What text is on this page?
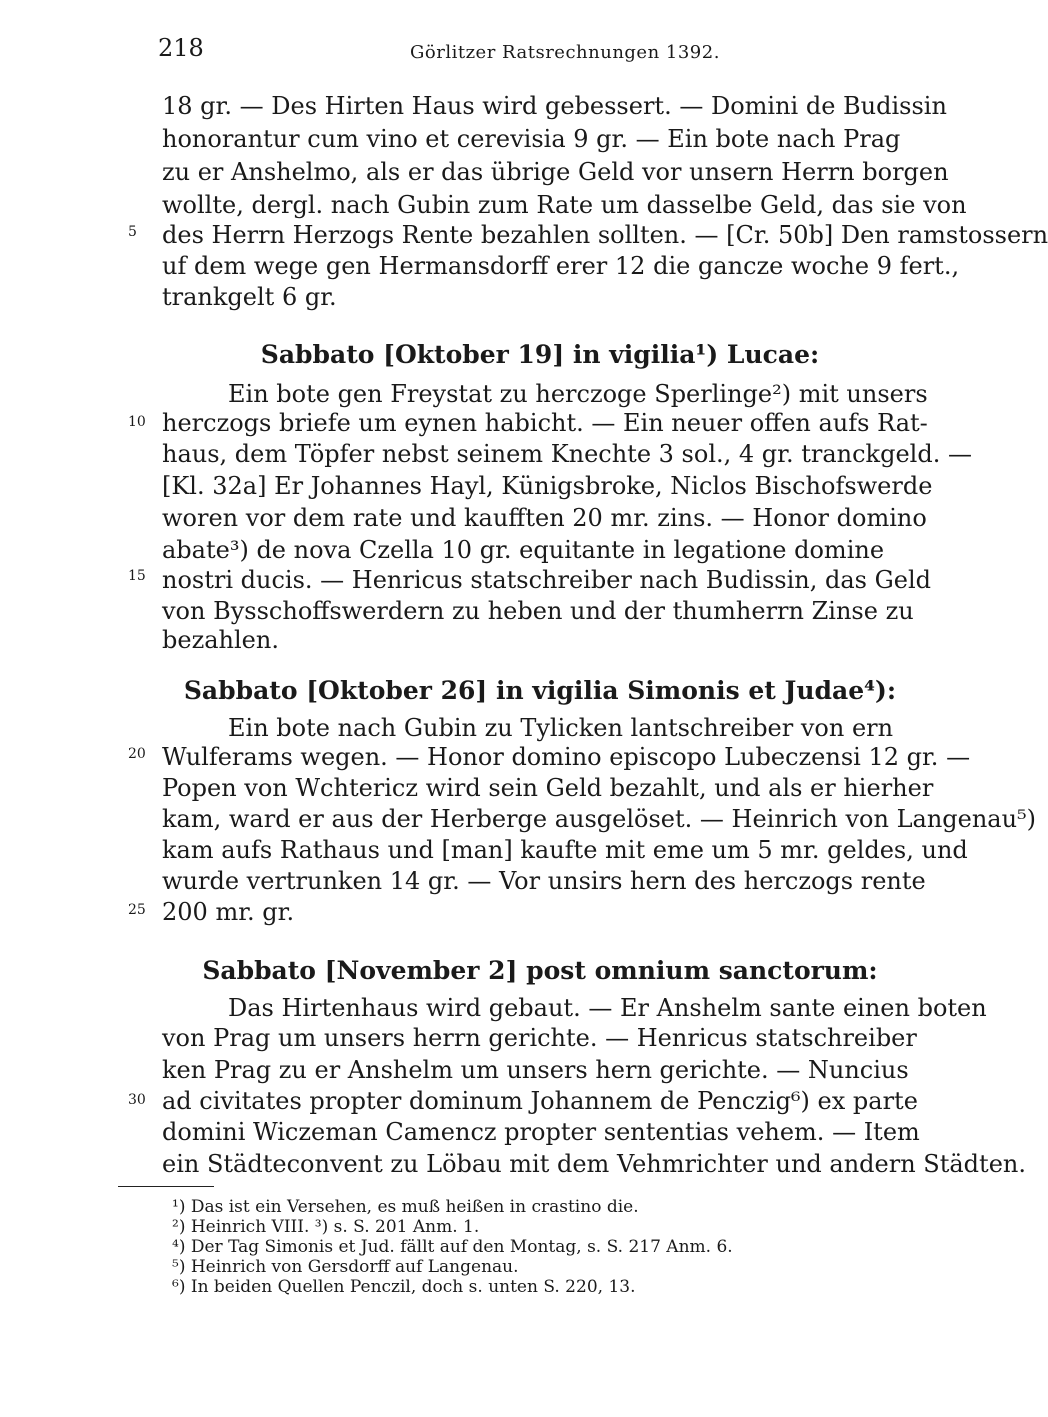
218	Görlitzer Ratsrechnungen 1392.
18 gr. — Des Hirten Haus wird gebessert. — Domini de Budissin
honorantur cum vino et cerevisia 9 gr. — Ein bote nach Prag
zu er Anshelmo, als er das übrige Geld vor unsern Herrn borgen
wollte, dergl. nach Gubin zum Rate um dasselbe Geld, das sie von
5	des Herrn Herzogs Rente bezahlen sollten. — [Cr. 50b] Den ramstossern
uf dem wege gen Hermansdorff erer 12 die gancze woche 9 fert.,
trankgelt 6 gr.
Sabbato [Oktober 19] in vigilia¹) Lucae:
Ein bote gen Freystat zu herczoge Sperlinge²) mit unsers
10 herczogs briefe um eynen habicht. — Ein neuer offen aufs Rat-
haus, dem Töpfer nebst seinem Knechte 3 sol., 4 gr. tranckgeld. —
[Kl. 32a] Er Johannes Hayl, Künigsbroke, Niclos Bischofswerde
woren vor dem rate und kaufften 20 mr. zins. — Honor domino
abate³) de nova Czella 10 gr. equitante in legatione domine
15 nostri ducis. — Henricus statschreiber nach Budissin, das Geld
von Bysschoffswerdern zu heben und der thumherrn Zinse zu
bezahlen.
Sabbato [Oktober 26] in vigilia Simonis et Judae⁴):
Ein bote nach Gubin zu Tylicken lantschreiber von ern
20 Wulferams wegen. — Honor domino episcopo Lubeczensi 12 gr. —
Popen von Wchtericz wird sein Geld bezahlt, und als er hierher
kam, ward er aus der Herberge ausgelöset. — Heinrich von Langenau⁵)
kam aufs Rathaus und [man] kaufte mit eme um 5 mr. geldes, und
wurde vertrunken 14 gr. — Vor unsirs hern des herczogs rente
25 200 mr. gr.
Sabbato [November 2] post omnium sanctorum:
Das Hirtenhaus wird gebaut. — Er Anshelm sante einen boten
von Prag um unsers herrn gerichte. — Henricus statschreiber
ken Prag zu er Anshelm um unsers hern gerichte. — Nuncius
30 ad civitates propter dominum Johannem de Penczig⁶) ex parte
domini Wiczeman Camencz propter sententias vehem. — Item
ein Städteconvent zu Löbau mit dem Vehmrichter und andern Städten.
¹) Das ist ein Versehen, es muß heißen in crastino die.
²) Heinrich VIII. ³) s. S. 201 Anm. 1.
⁴) Der Tag Simonis et Jud. fällt auf den Montag, s. S. 217 Anm. 6.
⁵) Heinrich von Gersdorff auf Langenau.
⁶) In beiden Quellen Penczil, doch s. unten S. 220, 13.
